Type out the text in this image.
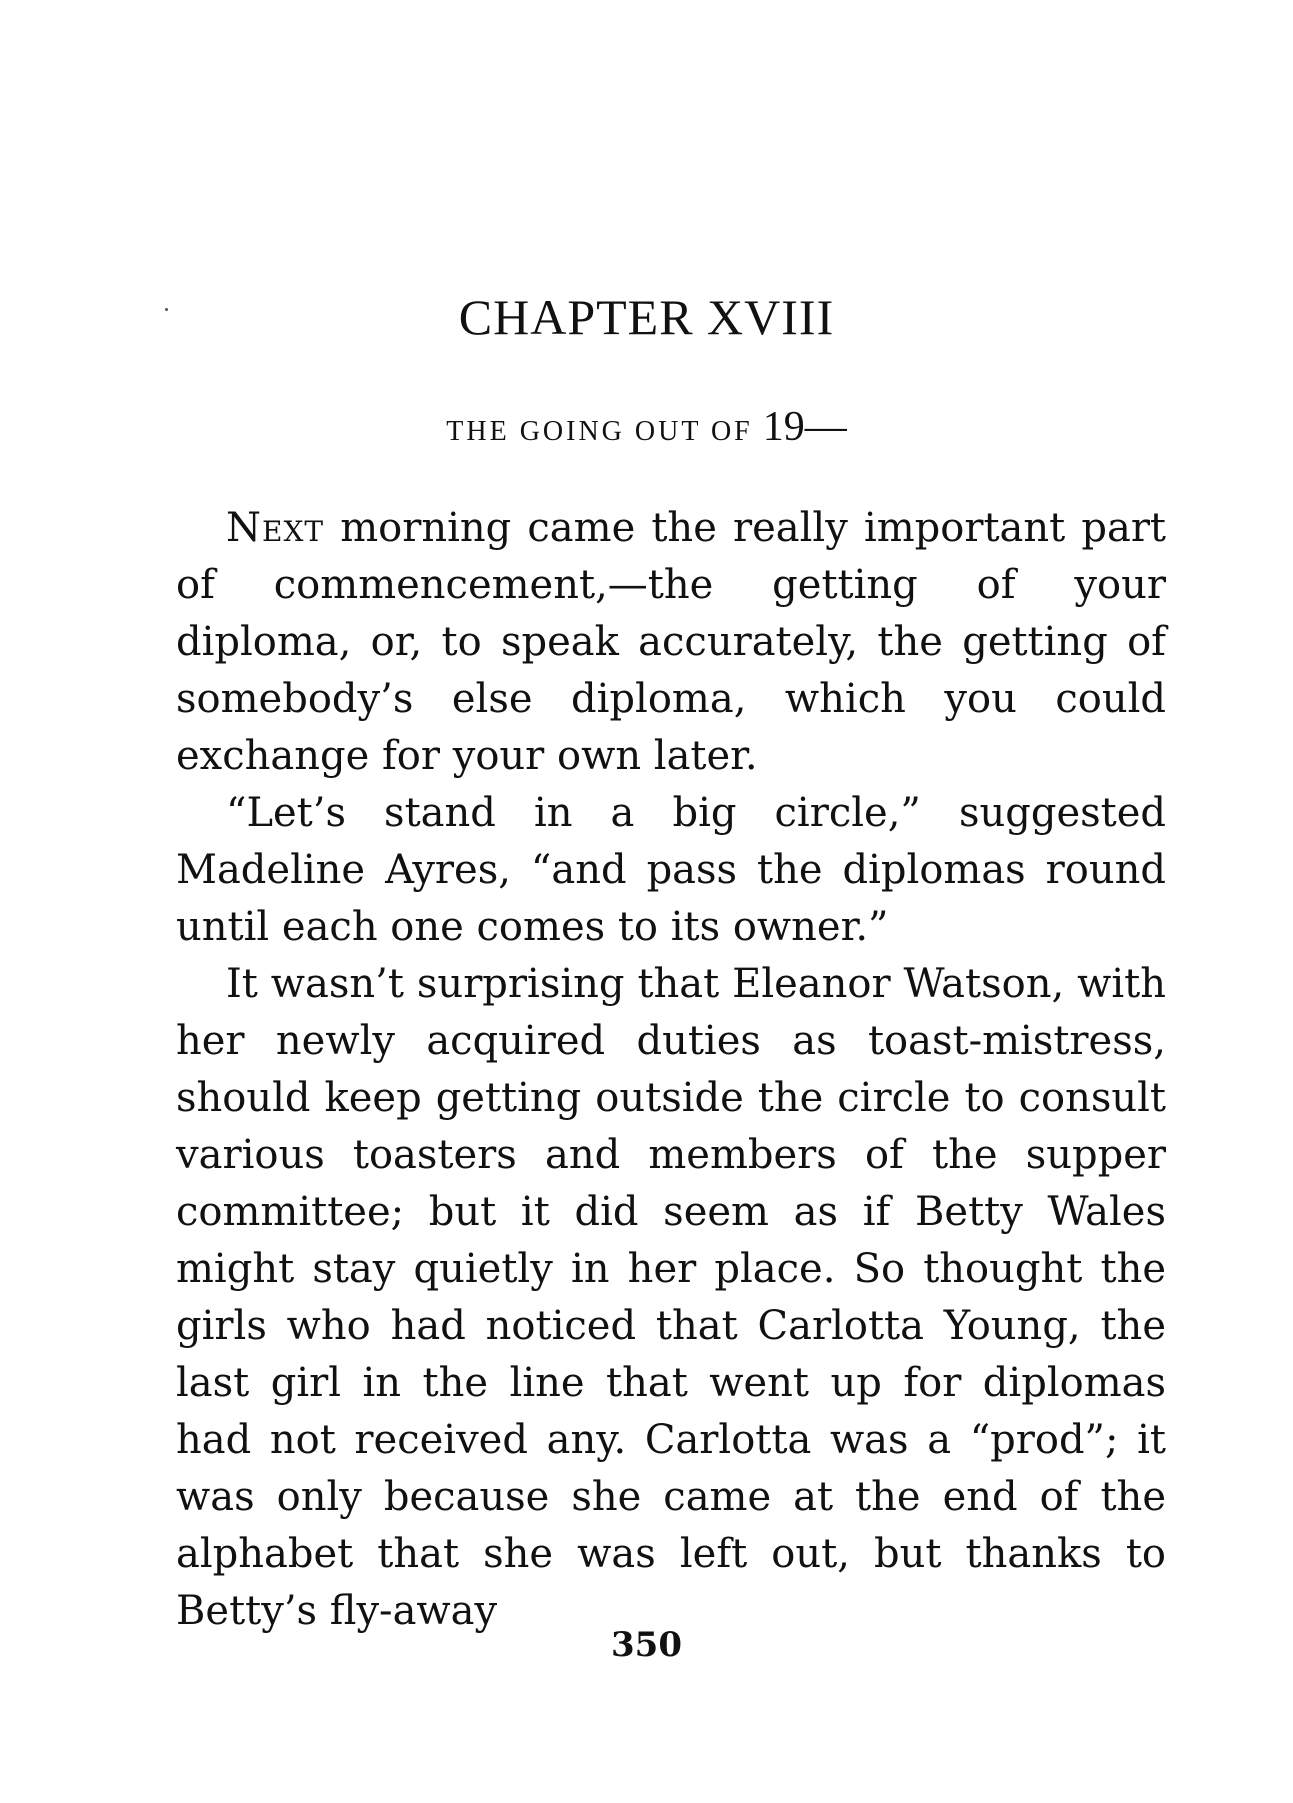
CHAPTER XVIII
THE GOING OUT OF 19—

Next morning came the really important part of commencement,—the getting of your diploma, or, to speak accurately, the getting of somebody’s else diploma, which you could exchange for your own later.

“Let’s stand in a big circle,” suggested Madeline Ayres, “and pass the diplomas round until each one comes to its owner.”

It wasn’t surprising that Eleanor Watson, with her newly acquired duties as toast-mistress, should keep getting outside the circle to consult various toasters and members of the supper committee; but it did seem as if Betty Wales might stay quietly in her place. So thought the girls who had noticed that Carlotta Young, the last girl in the line that went up for diplomas had not received any. Carlotta was a “prod”; it was only because she came at the end of the alphabet that she was left out, but thanks to Betty’s fly-away

350
